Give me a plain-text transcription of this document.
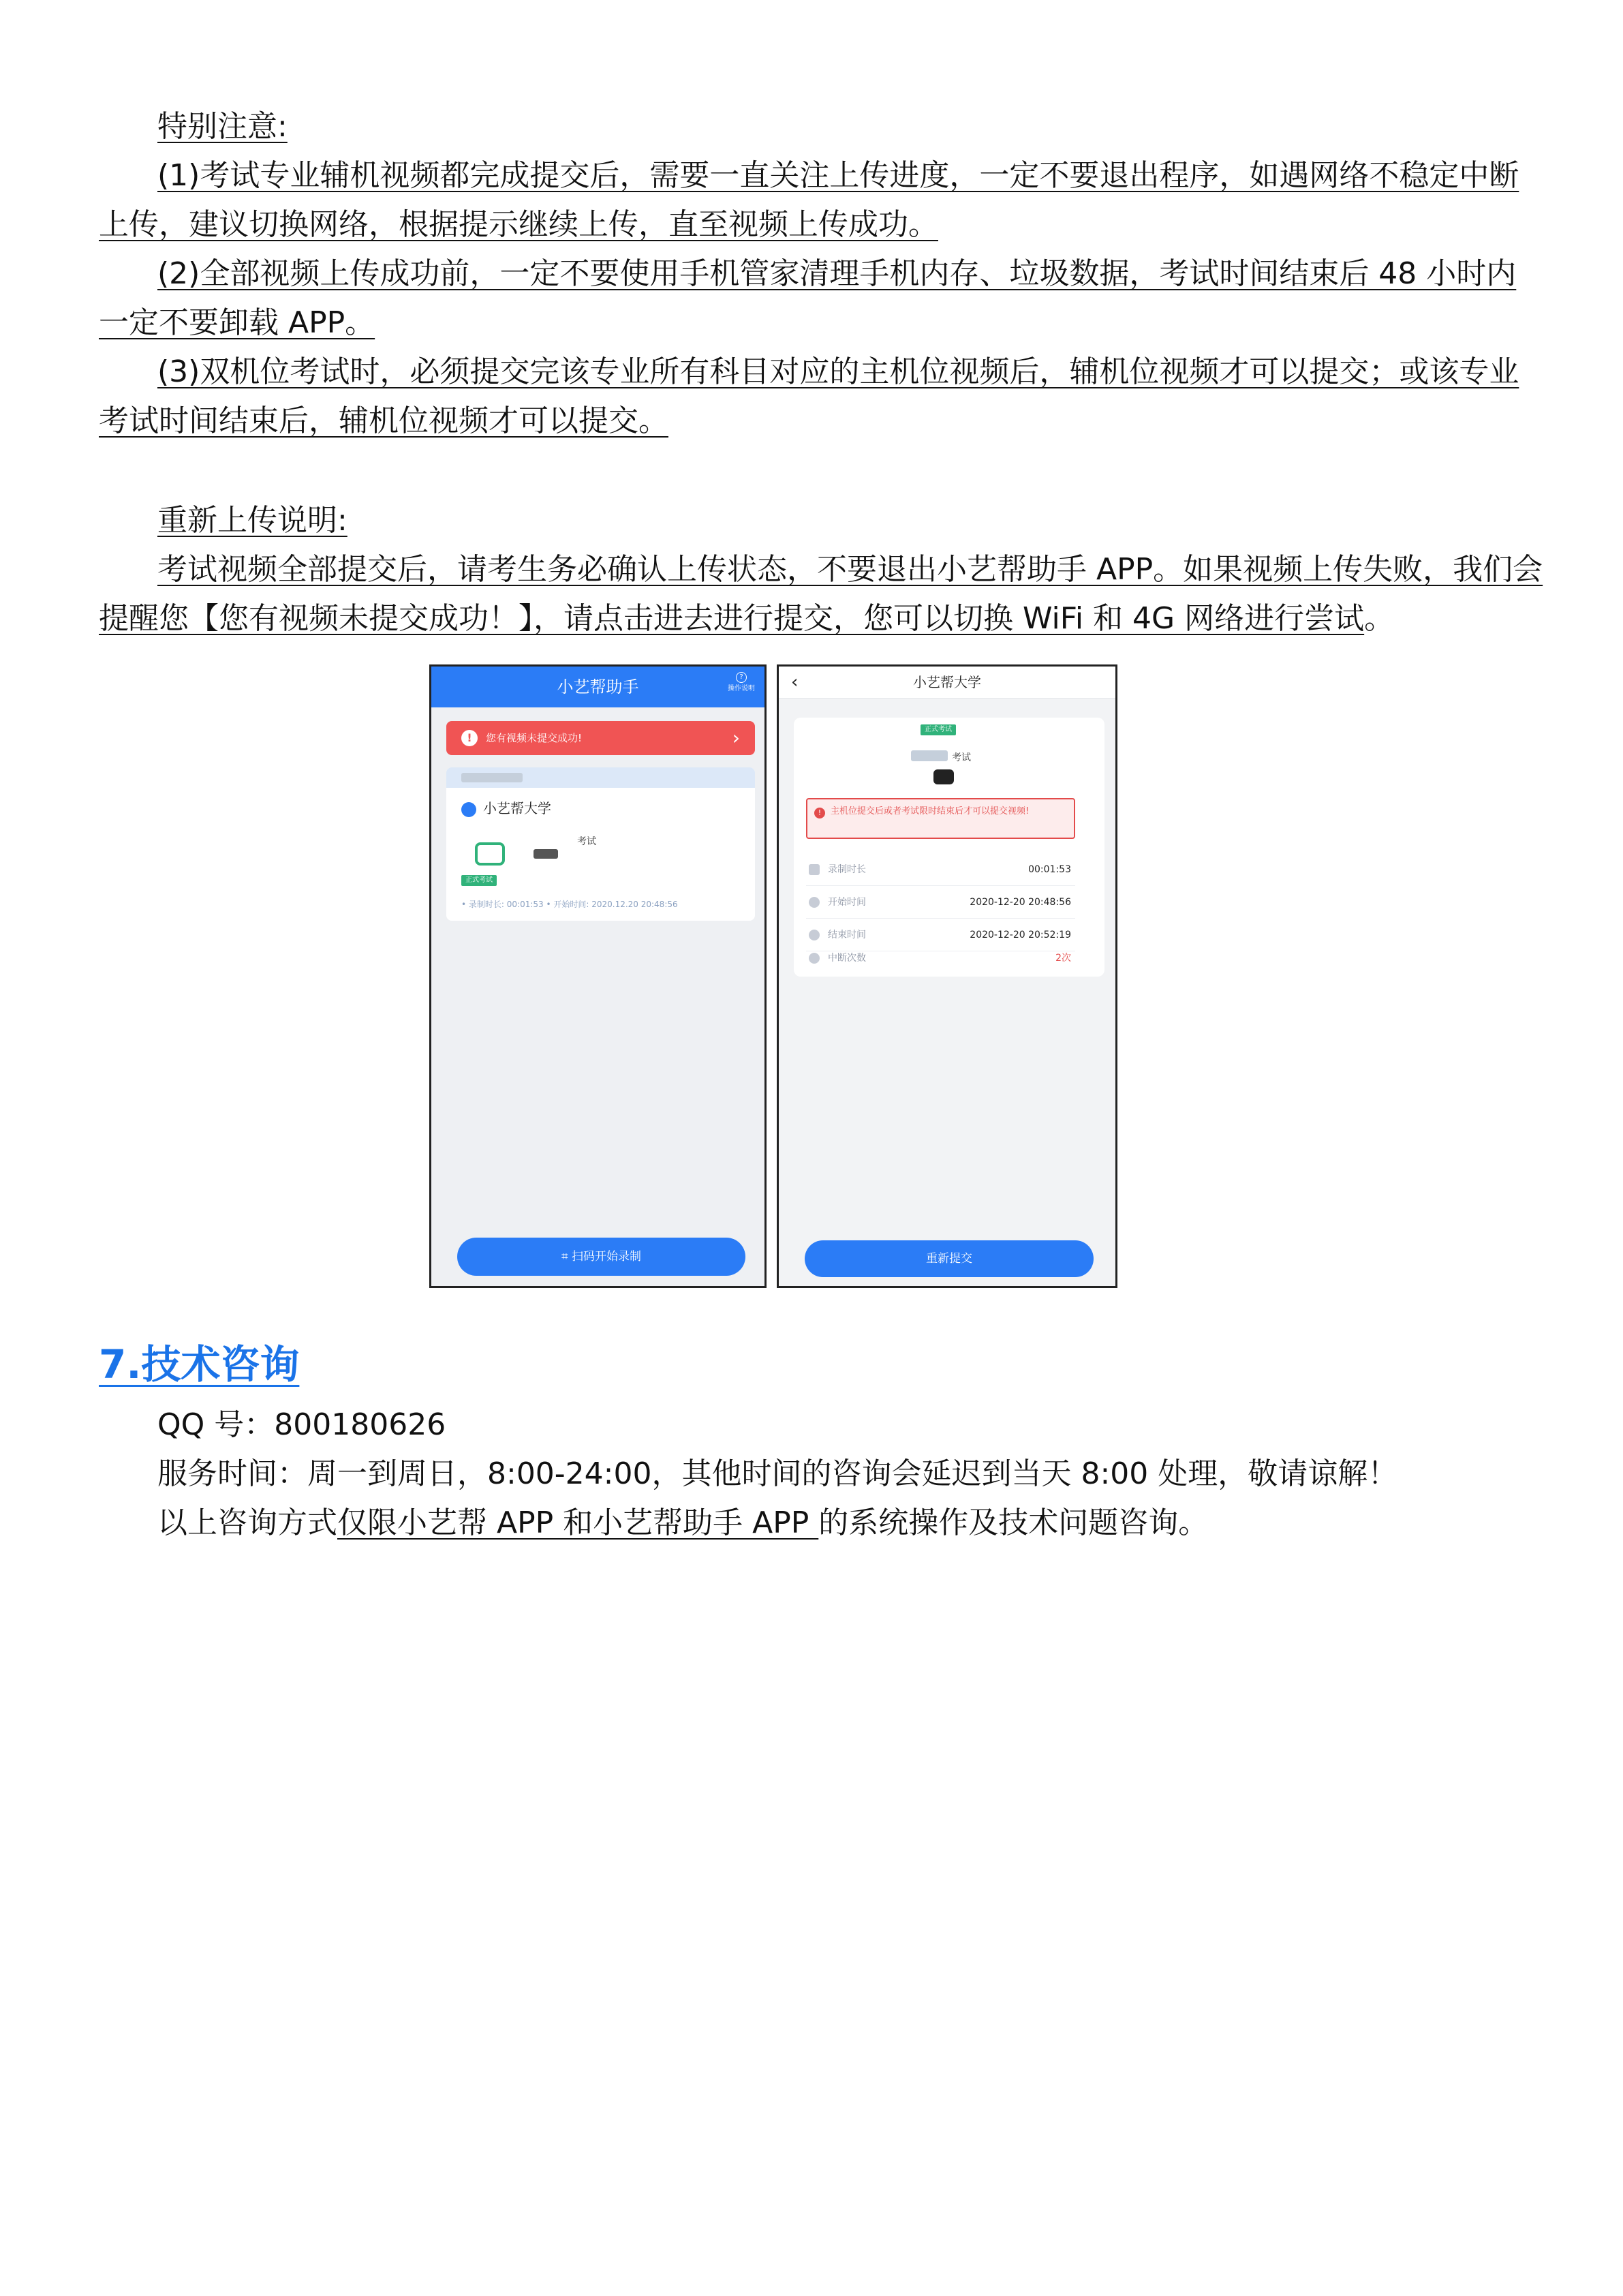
特别注意:

(1)考试专业辅机视频都完成提交后，需要一直关注上传进度，一定不要退出程序，如遇网络不稳定中断上传，建议切换网络，根据提示继续上传，直至视频上传成功。

(2)全部视频上传成功前，一定不要使用手机管家清理手机内存、垃圾数据，考试时间结束后 48 小时内一定不要卸载 APP。

(3)双机位考试时，必须提交完该专业所有科目对应的主机位视频后，辅机位视频才可以提交；或该专业考试时间结束后，辅机位视频才可以提交。

重新上传说明:

考试视频全部提交后，请考生务必确认上传状态，不要退出小艺帮助手 APP。如果视频上传失败，我们会提醒您【您有视频未提交成功！】，请点击进去进行提交，您可以切换 WiFi 和 4G 网络进行尝试。

小艺帮助手
?
操作说明
!	您有视频未提交成功!	›
小艺帮大学
正式考试
考试
• 录制时长: 00:01:53 • 开始时间: 2020.12.20 20:48:56
⌗ 扫码开始录制
‹	小艺帮大学
正式考试
考试
!	主机位提交后或者考试限时结束后才可以提交视频!
录制时长	00:01:53
开始时间	2020-12-20 20:48:56
结束时间	2020-12-20 20:52:19
中断次数	2次
重新提交
7.技术咨询

QQ 号：800180626

服务时间：周一到周日，8:00-24:00，其他时间的咨询会延迟到当天 8:00 处理，敬请谅解！

以上咨询方式仅限小艺帮 APP 和小艺帮助手 APP 的系统操作及技术问题咨询。
